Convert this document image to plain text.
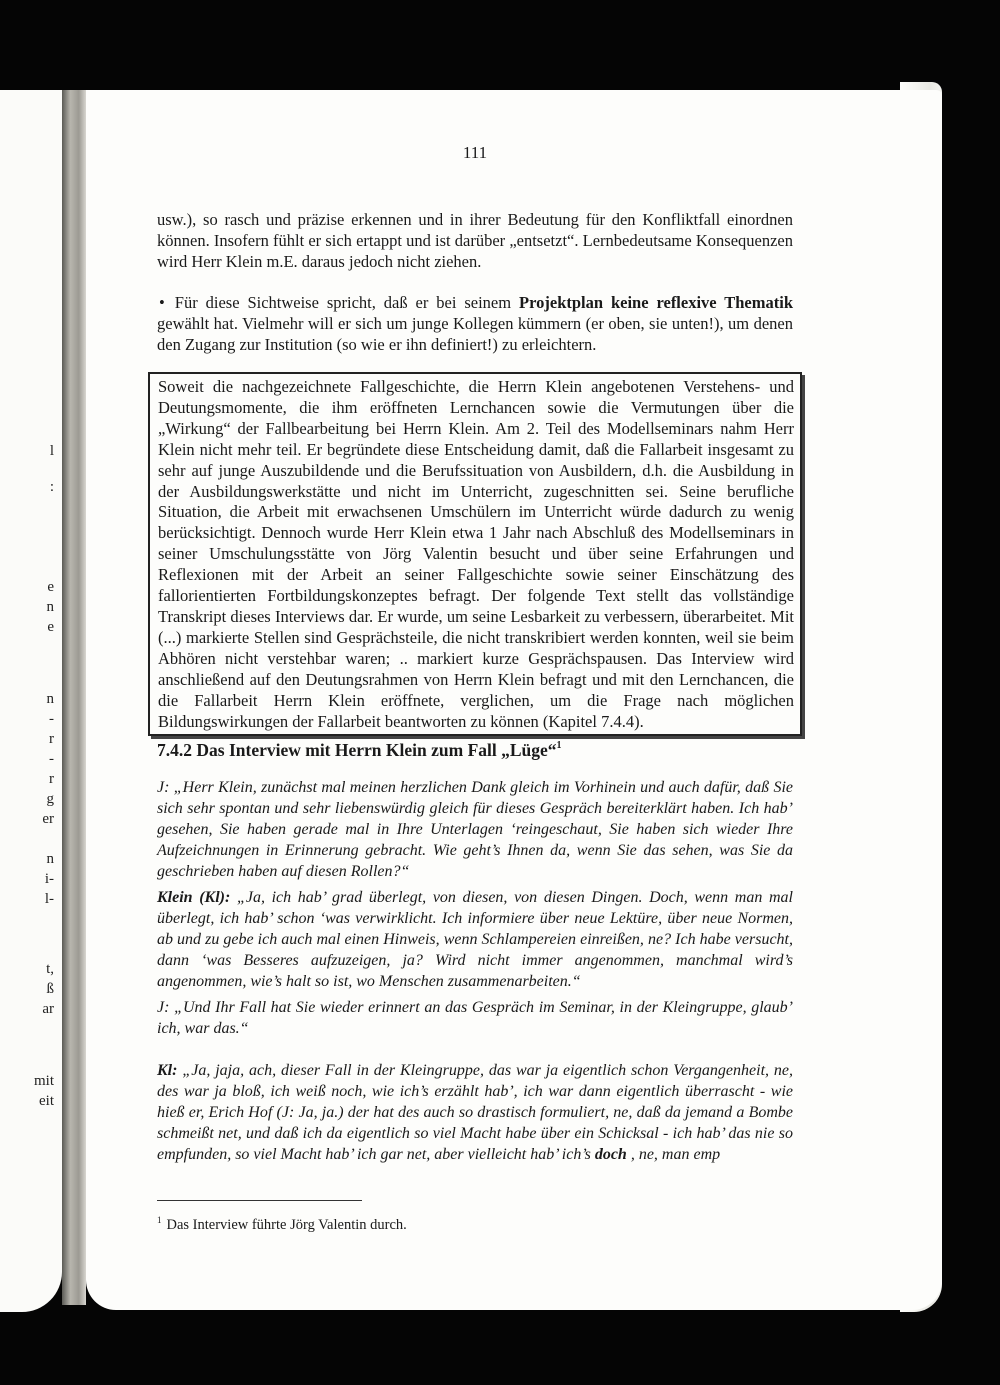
l
:
e
n
e
n
-
r
-
r
g
er
n
i-
l-
t,
ß
ar
mit
eit
111

usw.), so rasch und präzise erkennen und in ihrer Bedeutung für den Konfliktfall einordnen können. Insofern fühlt er sich ertappt und ist darüber „entsetzt“. Lernbedeutsame Konsequenzen wird Herr Klein m.E. daraus jedoch nicht ziehen.

• Für diese Sichtweise spricht, daß er bei seinem Projektplan keine reflexive Thematik gewählt hat. Vielmehr will er sich um junge Kollegen kümmern (er oben, sie unten!), um denen den Zugang zur Institution (so wie er ihn definiert!) zu erleichtern.

Soweit die nachgezeichnete Fallgeschichte, die Herrn Klein angebotenen Verstehens- und Deutungsmomente, die ihm eröffneten Lernchancen sowie die Vermutungen über die „Wirkung“ der Fallbearbeitung bei Herrn Klein. Am 2. Teil des Modellseminars nahm Herr Klein nicht mehr teil. Er begründete diese Entscheidung damit, daß die Fallarbeit insgesamt zu sehr auf junge Auszubildende und die Berufssituation von Ausbildern, d.h. die Ausbildung in der Ausbildungswerkstätte und nicht im Unterricht, zugeschnitten sei. Seine berufliche Situation, die Arbeit mit erwachsenen Umschülern im Unterricht würde dadurch zu wenig berücksichtigt. Dennoch wurde Herr Klein etwa 1 Jahr nach Abschluß des Modellseminars in seiner Umschulungsstätte von Jörg Valentin besucht und über seine Erfahrungen und Reflexionen mit der Arbeit an seiner Fallgeschichte sowie seiner Einschätzung des fallorientierten Fortbildungskonzeptes befragt. Der folgende Text stellt das vollständige Transkript dieses Interviews dar. Er wurde, um seine Lesbarkeit zu verbessern, überarbeitet. Mit (...) markierte Stellen sind Gesprächsteile, die nicht transkribiert werden konnten, weil sie beim Abhören nicht verstehbar waren; .. markiert kurze Gesprächspausen. Das Interview wird anschließend auf den Deutungsrahmen von Herrn Klein befragt und mit den Lernchancen, die die Fallarbeit Herrn Klein eröffnete, verglichen, um die Frage nach möglichen Bildungswirkungen der Fallarbeit beantworten zu können (Kapitel 7.4.4).
7.4.2 Das Interview mit Herrn Klein zum Fall „Lüge“$^1$

J: „Herr Klein, zunächst mal meinen herzlichen Dank gleich im Vorhinein und auch dafür, daß Sie sich sehr spontan und sehr liebenswürdig gleich für dieses Gespräch bereiterklärt haben. Ich hab’ gesehen, Sie haben gerade mal in Ihre Unterlagen ‘reingeschaut, Sie haben sich wieder Ihre Aufzeichnungen in Erinnerung gebracht. Wie geht’s Ihnen da, wenn Sie das sehen, was Sie da geschrieben haben auf diesen Rollen?“

Klein (Kl): „Ja, ich hab’ grad überlegt, von diesen, von diesen Dingen. Doch, wenn man mal überlegt, ich hab’ schon ‘was verwirklicht. Ich informiere über neue Lektüre, über neue Normen, ab und zu gebe ich auch mal einen Hinweis, wenn Schlampereien einreißen, ne? Ich habe versucht, dann ‘was Besseres aufzuzeigen, ja? Wird nicht immer angenommen, manchmal wird’s angenommen, wie’s halt so ist, wo Menschen zusammenarbeiten.“

J: „Und Ihr Fall hat Sie wieder erinnert an das Gespräch im Seminar, in der Kleingruppe, glaub’ ich, war das.“

Kl: „Ja, jaja, ach, dieser Fall in der Kleingruppe, das war ja eigentlich schon Vergangenheit, ne, des war ja bloß, ich weiß noch, wie ich’s erzählt hab’, ich war dann eigentlich überrascht - wie hieß er, Erich Hof (J: Ja, ja.) der hat des auch so drastisch formuliert, ne, daß da jemand a Bombe schmeißt net, und daß ich da eigentlich so viel Macht habe über ein Schicksal - ich hab’ das nie so empfunden, so viel Macht hab’ ich gar net, aber vielleicht hab’ ich’s doch , ne, man emp

$^1$ Das Interview führte Jörg Valentin durch.
